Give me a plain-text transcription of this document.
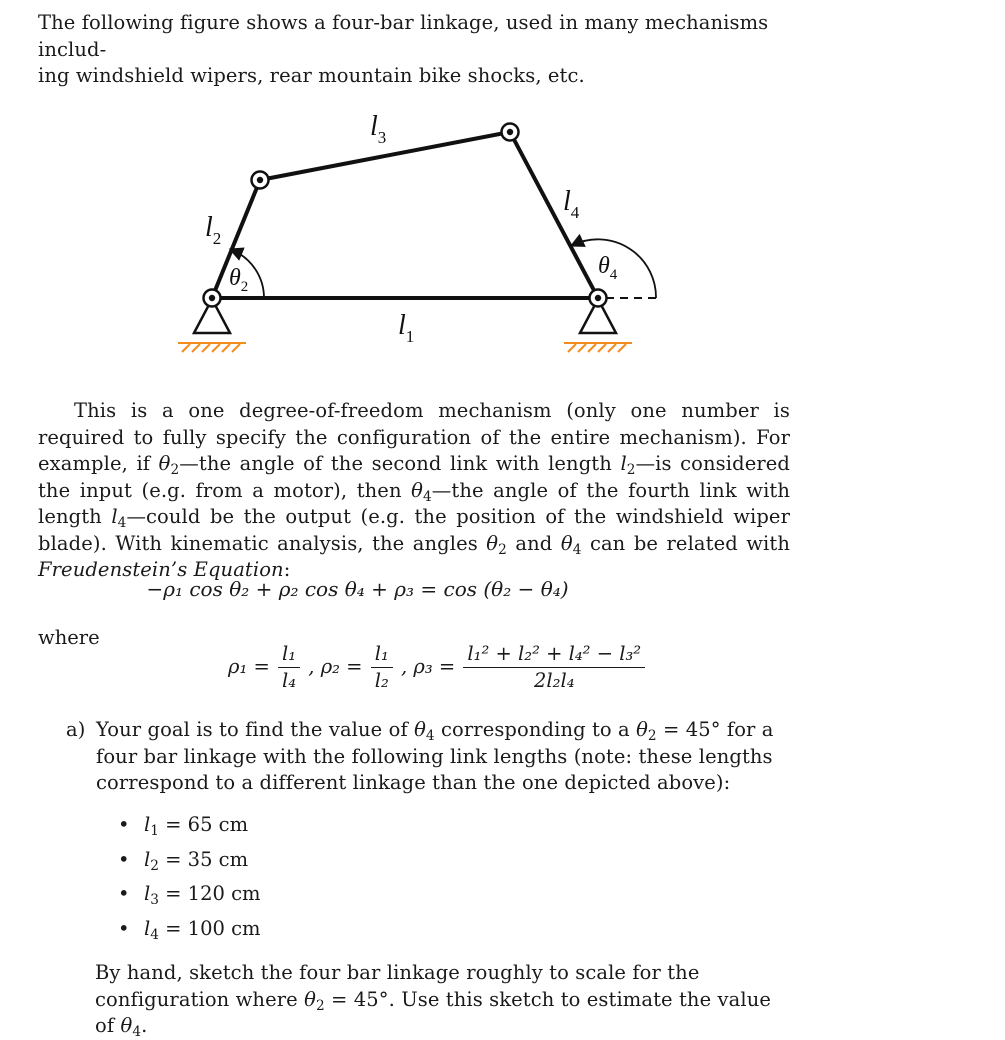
The following figure shows a four-bar linkage, used in many mechanisms includ-
ing windshield wipers, rear mountain bike shocks, etc.
$l_3$
$l_2$
$l_4$
$l_1$
$\theta_2$
$\theta_4$
This is a one degree-of-freedom mechanism (only one number is required to fully specify the configuration of the entire mechanism). For example, if $\theta_2—the$ angle of the second link with length $l_2—is$ considered the input (e.g. from a motor), then $\theta_4—the$ angle of the fourth link with length $l_4—could$ be the output (e.g. the position of the windshield wiper blade). With kinematic analysis, the angles $\theta_2$ and $\theta_4$ can be related with Freudenstein’s Equation:
−ρ₁ cos θ₂ + ρ₂ cos θ₄ + ρ₃ = cos (θ₂ − θ₄)
where
$\rho_1 = \frac{\text{l₁}}{\text{l₄}}$ , $\rho_2 = \frac{\text{l₁}}{\text{l₂}}$ , $\rho_3 = \frac{\text{l₁² + l₂² + l₄² − l₃²}}{\text{2l₂l₄}}$
a) Your goal is to find the value of $\theta_4$ corresponding to a $\theta_2 = 45^\circ$ for a four bar linkage with the following link lengths (note: these lengths correspond to a different linkage than the one depicted above):
• $l_1 = 65$ cm
• $l_2 = 35$ cm
• $l_3 = 120$ cm
• $l_4 = 100$ cm
By hand, sketch the four bar linkage roughly to scale for the configuration where $\theta_2 = 45^\circ$. Use this sketch to estimate the value of $\theta_4$.
